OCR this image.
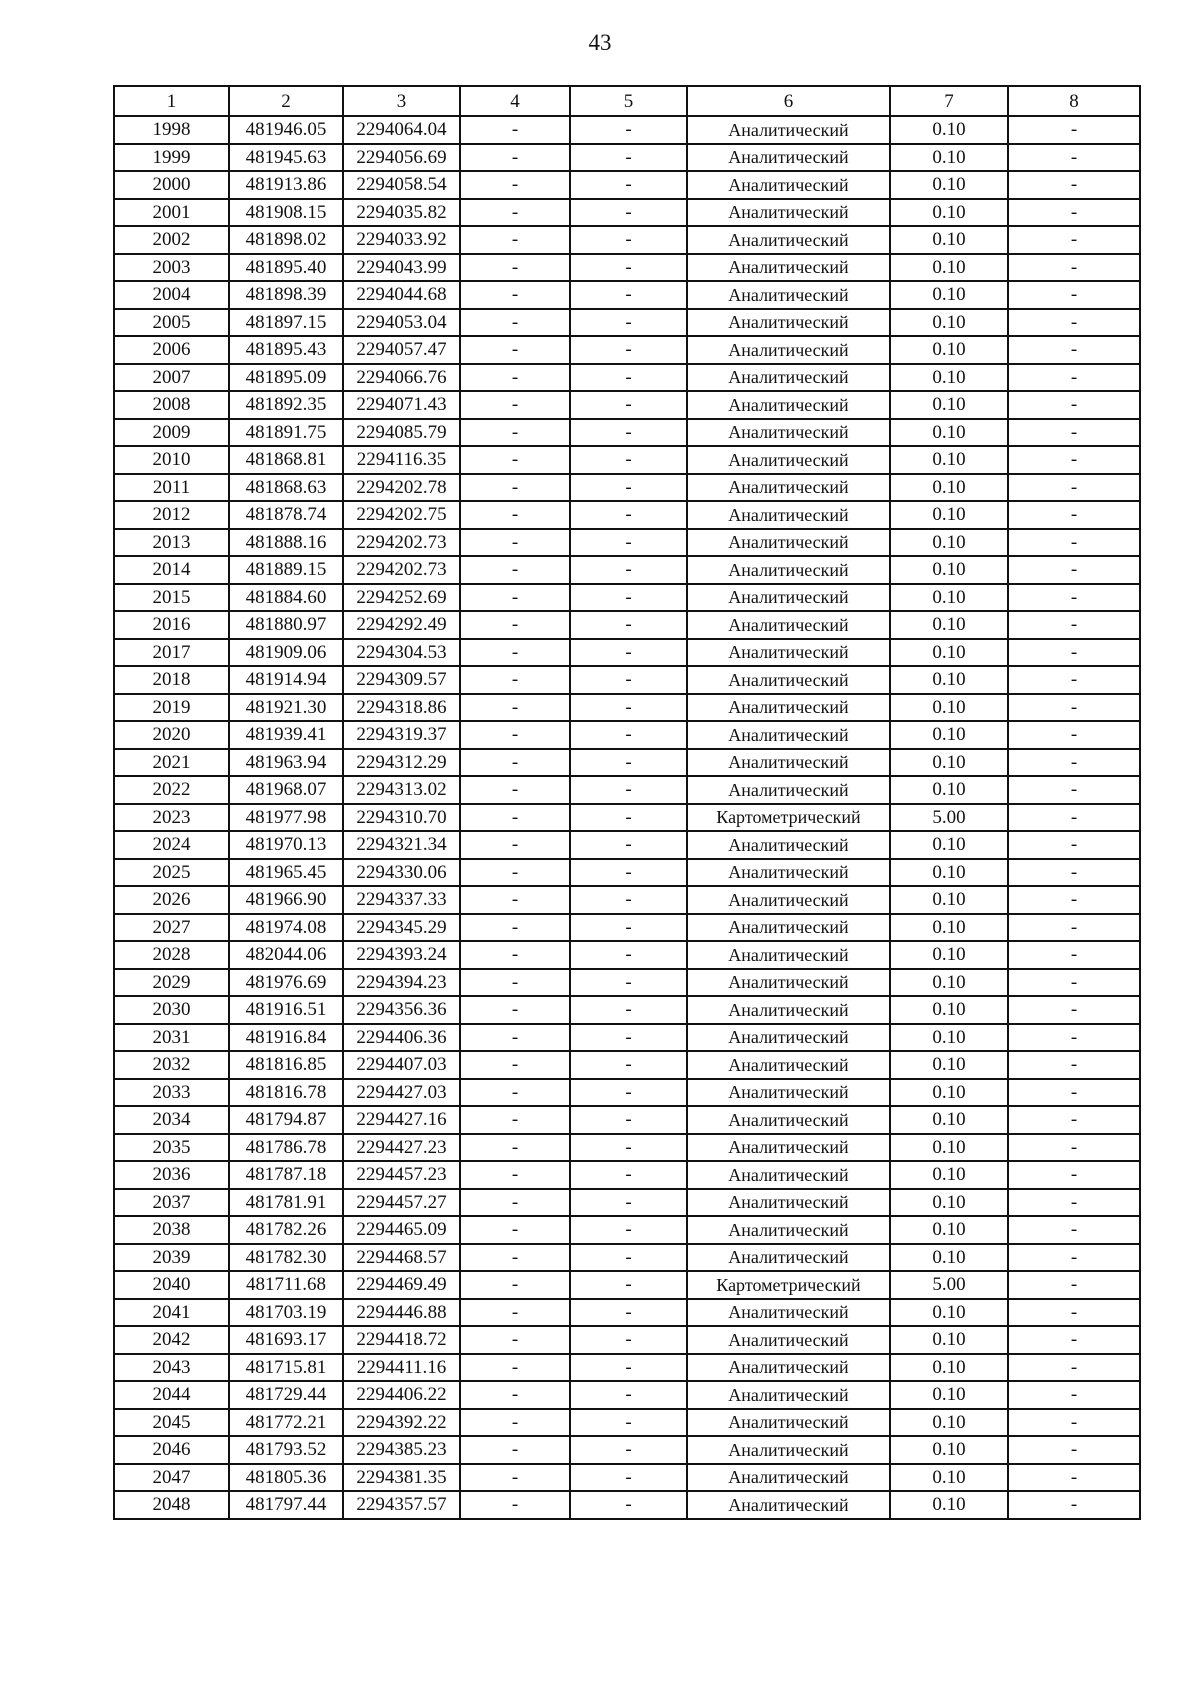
43
1	2	3	4	5	6	7	8
1998	481946.05	2294064.04	-	-	Аналитический	0.10	-
1999	481945.63	2294056.69	-	-	Аналитический	0.10	-
2000	481913.86	2294058.54	-	-	Аналитический	0.10	-
2001	481908.15	2294035.82	-	-	Аналитический	0.10	-
2002	481898.02	2294033.92	-	-	Аналитический	0.10	-
2003	481895.40	2294043.99	-	-	Аналитический	0.10	-
2004	481898.39	2294044.68	-	-	Аналитический	0.10	-
2005	481897.15	2294053.04	-	-	Аналитический	0.10	-
2006	481895.43	2294057.47	-	-	Аналитический	0.10	-
2007	481895.09	2294066.76	-	-	Аналитический	0.10	-
2008	481892.35	2294071.43	-	-	Аналитический	0.10	-
2009	481891.75	2294085.79	-	-	Аналитический	0.10	-
2010	481868.81	2294116.35	-	-	Аналитический	0.10	-
2011	481868.63	2294202.78	-	-	Аналитический	0.10	-
2012	481878.74	2294202.75	-	-	Аналитический	0.10	-
2013	481888.16	2294202.73	-	-	Аналитический	0.10	-
2014	481889.15	2294202.73	-	-	Аналитический	0.10	-
2015	481884.60	2294252.69	-	-	Аналитический	0.10	-
2016	481880.97	2294292.49	-	-	Аналитический	0.10	-
2017	481909.06	2294304.53	-	-	Аналитический	0.10	-
2018	481914.94	2294309.57	-	-	Аналитический	0.10	-
2019	481921.30	2294318.86	-	-	Аналитический	0.10	-
2020	481939.41	2294319.37	-	-	Аналитический	0.10	-
2021	481963.94	2294312.29	-	-	Аналитический	0.10	-
2022	481968.07	2294313.02	-	-	Аналитический	0.10	-
2023	481977.98	2294310.70	-	-	Картометрический	5.00	-
2024	481970.13	2294321.34	-	-	Аналитический	0.10	-
2025	481965.45	2294330.06	-	-	Аналитический	0.10	-
2026	481966.90	2294337.33	-	-	Аналитический	0.10	-
2027	481974.08	2294345.29	-	-	Аналитический	0.10	-
2028	482044.06	2294393.24	-	-	Аналитический	0.10	-
2029	481976.69	2294394.23	-	-	Аналитический	0.10	-
2030	481916.51	2294356.36	-	-	Аналитический	0.10	-
2031	481916.84	2294406.36	-	-	Аналитический	0.10	-
2032	481816.85	2294407.03	-	-	Аналитический	0.10	-
2033	481816.78	2294427.03	-	-	Аналитический	0.10	-
2034	481794.87	2294427.16	-	-	Аналитический	0.10	-
2035	481786.78	2294427.23	-	-	Аналитический	0.10	-
2036	481787.18	2294457.23	-	-	Аналитический	0.10	-
2037	481781.91	2294457.27	-	-	Аналитический	0.10	-
2038	481782.26	2294465.09	-	-	Аналитический	0.10	-
2039	481782.30	2294468.57	-	-	Аналитический	0.10	-
2040	481711.68	2294469.49	-	-	Картометрический	5.00	-
2041	481703.19	2294446.88	-	-	Аналитический	0.10	-
2042	481693.17	2294418.72	-	-	Аналитический	0.10	-
2043	481715.81	2294411.16	-	-	Аналитический	0.10	-
2044	481729.44	2294406.22	-	-	Аналитический	0.10	-
2045	481772.21	2294392.22	-	-	Аналитический	0.10	-
2046	481793.52	2294385.23	-	-	Аналитический	0.10	-
2047	481805.36	2294381.35	-	-	Аналитический	0.10	-
2048	481797.44	2294357.57	-	-	Аналитический	0.10	-
